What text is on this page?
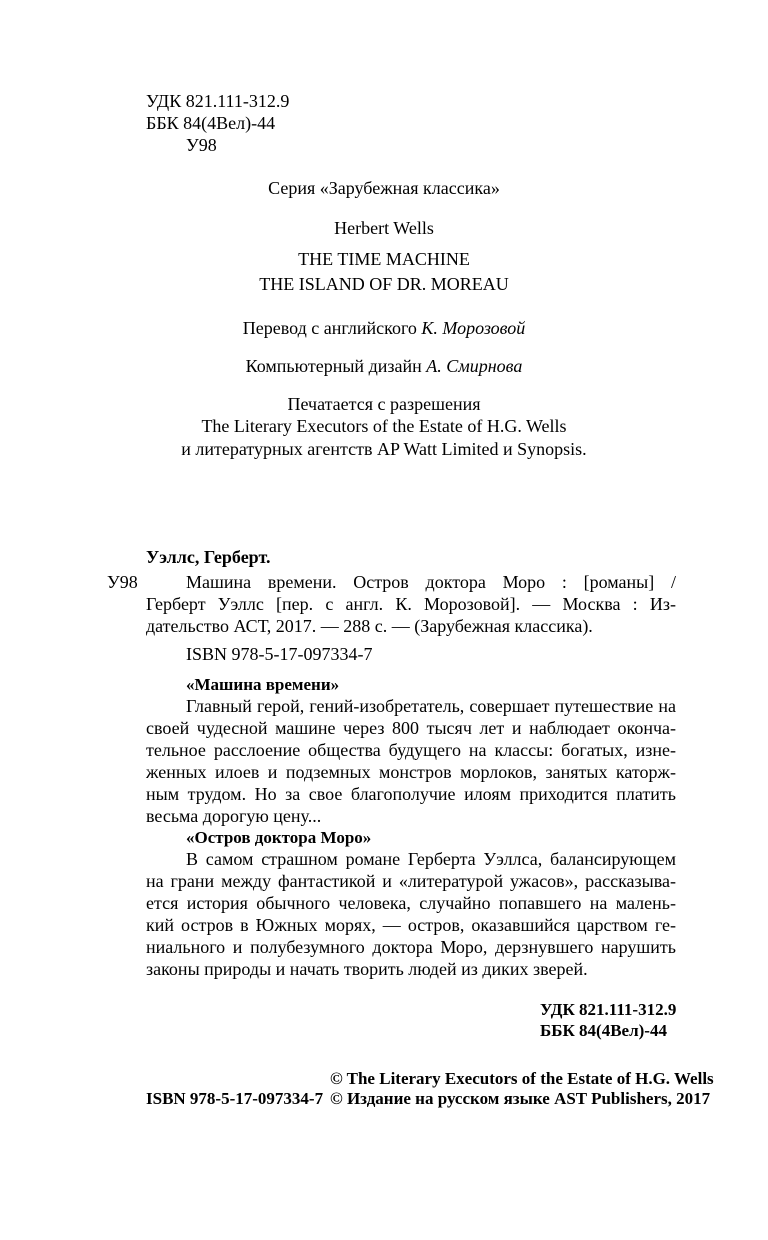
УДК 821.111-312.9
ББК 84(4Вел)-44
У98
Серия «Зарубежная классика»
Herbert Wells
THE TIME MACHINE
THE ISLAND OF DR. MOREAU
Перевод с английского К. Морозовой
Компьютерный дизайн А. Смирнова
Печатается с разрешения
The Literary Executors of the Estate of H.G. Wells
и литературных агентств AP Watt Limited и Synopsis.
Уэллс, Герберт.
У98	Машина времени. Остров доктора Моро : [романы] /
Герберт Уэллс [пер. с англ. К. Морозовой]. — Москва : Из-
дательство АСТ, 2017. — 288 с. — (Зарубежная классика).
ISBN 978-5-17-097334-7
«Машина времени»
Главный герой, гений-изобретатель, совершает путешествие на
своей чудесной машине через 800 тысяч лет и наблюдает оконча-
тельное расслоение общества будущего на классы: богатых, изне-
женных илоев и подземных монстров морлоков, занятых каторж-
ным трудом. Но за свое благополучие илоям приходится платить
весьма дорогую цену...
«Остров доктора Моро»
В самом страшном романе Герберта Уэллса, балансирующем
на грани между фантастикой и «литературой ужасов», рассказыва-
ется история обычного человека, случайно попавшего на малень-
кий остров в Южных морях, — остров, оказавшийся царством ге-
ниального и полубезумного доктора Моро, дерзнувшего нарушить
законы природы и начать творить людей из диких зверей.
УДК 821.111-312.9
ББК 84(4Вел)-44
© The Literary Executors of the Estate of H.G. Wells
ISBN 978-5-17-097334-7 © Издание на русском языке AST Publishers, 2017
